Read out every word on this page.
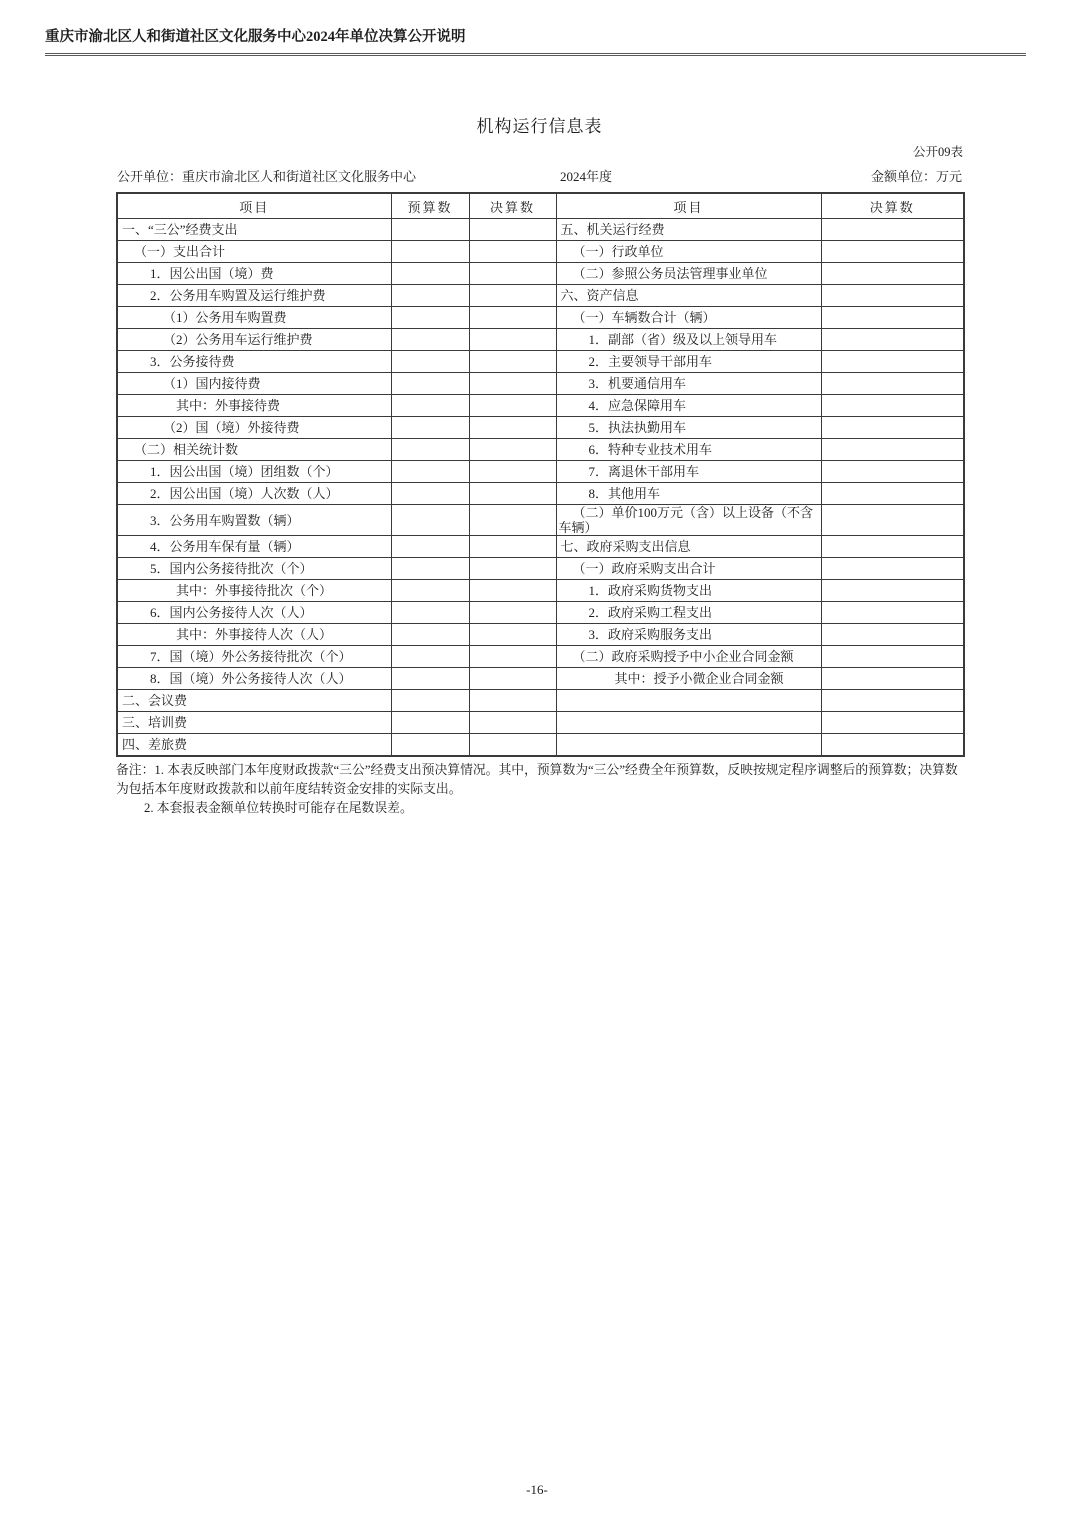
重庆市渝北区人和街道社区文化服务中心2024年单位决算公开说明
机构运行信息表
公开09表
公开单位：重庆市渝北区人和街道社区文化服务中心	2024年度	金额单位：万元
项目	预算数	决算数	项目	决算数
一、“三公”经费支出			五、机关运行经费	
（一）支出合计			（一）行政单位	
1．因公出国（境）费			（二）参照公务员法管理事业单位	
2．公务用车购置及运行维护费			六、资产信息	
（1）公务用车购置费			（一）车辆数合计（辆）	
（2）公务用车运行维护费			1．副部（省）级及以上领导用车	
3．公务接待费			2．主要领导干部用车	
（1）国内接待费			3．机要通信用车	
其中：外事接待费			4．应急保障用车	
（2）国（境）外接待费			5．执法执勤用车	
（二）相关统计数			6．特种专业技术用车	
1．因公出国（境）团组数（个）			7．离退休干部用车	
2．因公出国（境）人次数（人）			8．其他用车	
3．公务用车购置数（辆）			（二）单价100万元（含）以上设备（不含车辆）	
4．公务用车保有量（辆）			七、政府采购支出信息	
5．国内公务接待批次（个）			（一）政府采购支出合计	
其中：外事接待批次（个）			1．政府采购货物支出	
6．国内公务接待人次（人）			2．政府采购工程支出	
其中：外事接待人次（人）			3．政府采购服务支出	
7．国（境）外公务接待批次（个）			（二）政府采购授予中小企业合同金额	
8．国（境）外公务接待人次（人）			其中：授予小微企业合同金额	
二、会议费				
三、培训费				
四、差旅费				
备注：1. 本表反映部门本年度财政拨款“三公”经费支出预决算情况。其中，预算数为“三公”经费全年预算数，反映按规定程序调整后的预算数；决算数为包括本年度财政拨款和以前年度结转资金安排的实际支出。
2. 本套报表金额单位转换时可能存在尾数误差。
-16-
